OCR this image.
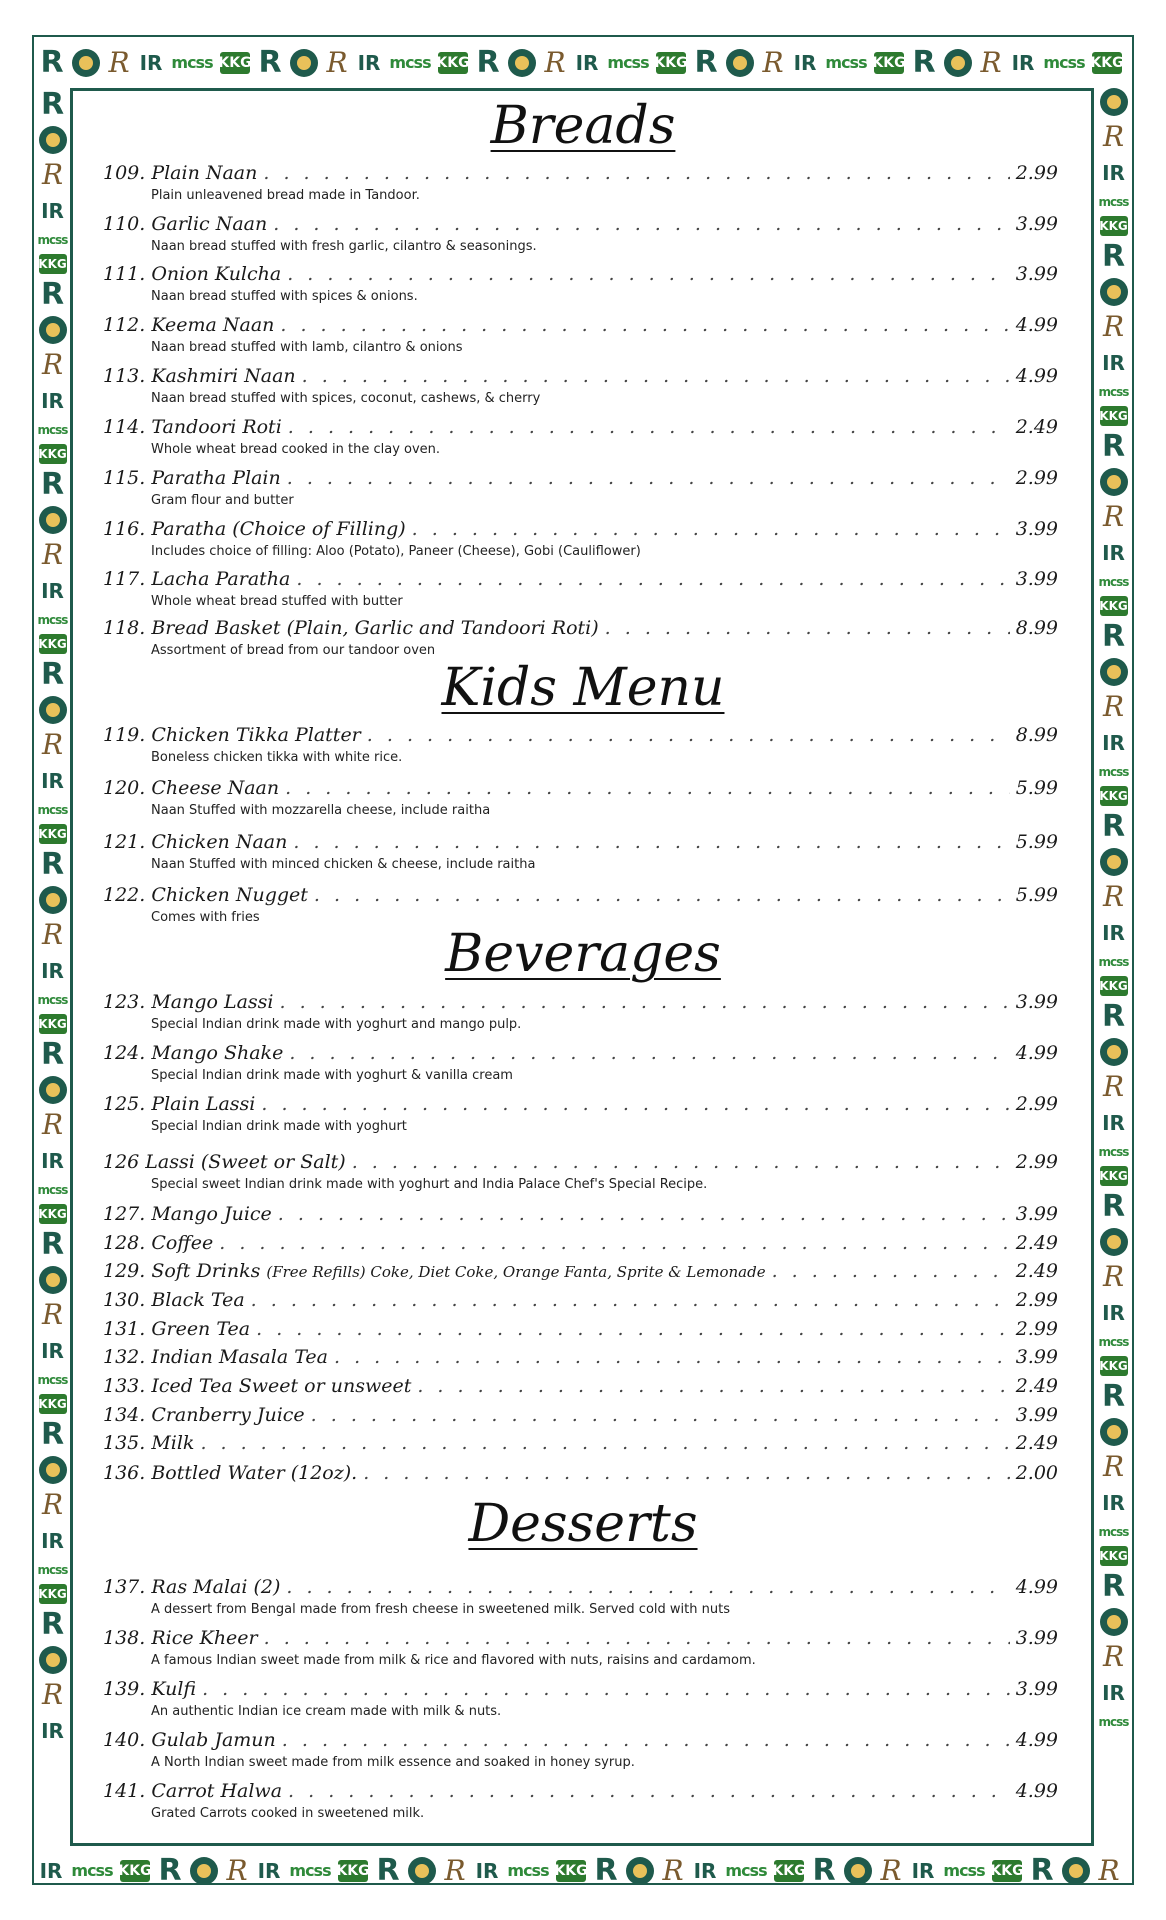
R R IR mcss KKG R R IR mcss KKG R R IR mcss KKG R R IR mcss KKG R R IR mcss KKG
IR mcss KKG R R IR mcss KKG R R IR mcss KKG R R IR mcss KKG R R IR mcss KKG R R
R
R
IR
mcss
KKG
R
R
IR
mcss
KKG
R
R
IR
mcss
KKG
R
R
IR
mcss
KKG
R
R
IR
mcss
KKG
R
R
IR
mcss
KKG
R
R
IR
mcss
KKG
R
R
IR
mcss
KKG
R
R
IR
R
IR
mcss
KKG
R
R
IR
mcss
KKG
R
R
IR
mcss
KKG
R
R
IR
mcss
KKG
R
R
IR
mcss
KKG
R
R
IR
mcss
KKG
R
R
IR
mcss
KKG
R
R
IR
mcss
KKG
R
R
IR
mcss
Breads
109. Plain Naan . . .	2.99
Plain unleavened bread made in Tandoor.
110. Garlic Naan . . .	3.99
Naan bread stuffed with fresh garlic, cilantro & seasonings.
111. Onion Kulcha . . .	3.99
Naan bread stuffed with spices & onions.
112. Keema Naan . . .	4.99
Naan bread stuffed with lamb, cilantro & onions
113. Kashmiri Naan . . .	4.99
Naan bread stuffed with spices, coconut, cashews, & cherry
114. Tandoori Roti . . .	2.49
Whole wheat bread cooked in the clay oven.
115. Paratha Plain . . .	2.99
Gram flour and butter
116. Paratha (Choice of Filling) . . .	3.99
Includes choice of filling: Aloo (Potato), Paneer (Cheese), Gobi (Cauliflower)
117. Lacha Paratha . . .	3.99
Whole wheat bread stuffed with butter
118. Bread Basket (Plain, Garlic and Tandoori Roti) . . .	8.99
Assortment of bread from our tandoor oven
Kids Menu
119. Chicken Tikka Platter . . .	8.99
Boneless chicken tikka with white rice.
120. Cheese Naan . . .	5.99
Naan Stuffed with mozzarella cheese, include raitha
121. Chicken Naan . . .	5.99
Naan Stuffed with minced chicken & cheese, include raitha
122. Chicken Nugget . . .	5.99
Comes with fries
Beverages
123. Mango Lassi . . .	3.99
Special Indian drink made with yoghurt and mango pulp.
124. Mango Shake . . .	4.99
Special Indian drink made with yoghurt & vanilla cream
125. Plain Lassi . . .	2.99
Special Indian drink made with yoghurt
126 Lassi (Sweet or Salt) . . .	2.99
Special sweet Indian drink made with yoghurt and India Palace Chef's Special Recipe.
127. Mango Juice . . .	3.99
128. Coffee . . .	2.49
129. Soft Drinks (Free Refills) Coke, Diet Coke, Orange Fanta, Sprite & Lemonade . . .	2.49
130. Black Tea . . .	2.99
131. Green Tea . . .	2.99
132. Indian Masala Tea . . .	3.99
133. Iced Tea Sweet or unsweet . . .	2.49
134. Cranberry Juice . . .	3.99
135. Milk . . .	2.49
136. Bottled Water (12oz). . . .	2.00
Desserts
137. Ras Malai (2) . . .	4.99
A dessert from Bengal made from fresh cheese in sweetened milk. Served cold with nuts
138. Rice Kheer . . .	3.99
A famous Indian sweet made from milk & rice and flavored with nuts, raisins and cardamom.
139. Kulfi . . .	3.99
An authentic Indian ice cream made with milk & nuts.
140. Gulab Jamun . . .	4.99
A North Indian sweet made from milk essence and soaked in honey syrup.
141. Carrot Halwa . . .	4.99
Grated Carrots cooked in sweetened milk.
